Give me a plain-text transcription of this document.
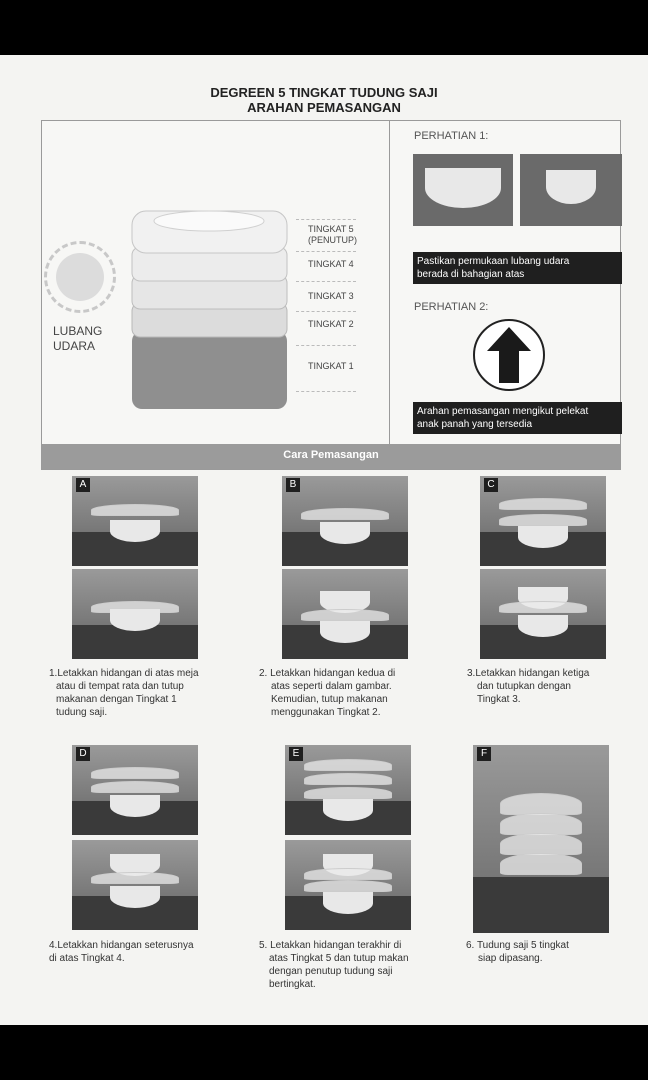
DEGREEN 5 TINGKAT TUDUNG SAJI
ARAHAN PEMASANGAN
LUBANG
UDARA
TINGKAT 5
(PENUTUP)
TINGKAT 4
TINGKAT 3
TINGKAT 2
TINGKAT 1
PERHATIAN 1:
Pastikan permukaan lubang udara
berada di bahagian atas
PERHATIAN 2:
Arahan pemasangan mengikut pelekat
anak panah yang tersedia
Cara Pemasangan
A
1.Letakkan hidangan di atas meja
atau di tempat rata dan tutup
makanan dengan Tingkat 1
tudung saji.
B
2. Letakkan hidangan kedua di
atas seperti dalam gambar.
Kemudian, tutup makanan
menggunakan Tingkat 2.
C
3.Letakkan hidangan ketiga
dan tutupkan dengan
Tingkat 3.
D
4.Letakkan hidangan seterusnya
di atas Tingkat 4.
E
5. Letakkan hidangan terakhir di
atas Tingkat 5 dan tutup makan
dengan penutup tudung saji
bertingkat.
F
6. Tudung saji 5 tingkat
siap dipasang.
